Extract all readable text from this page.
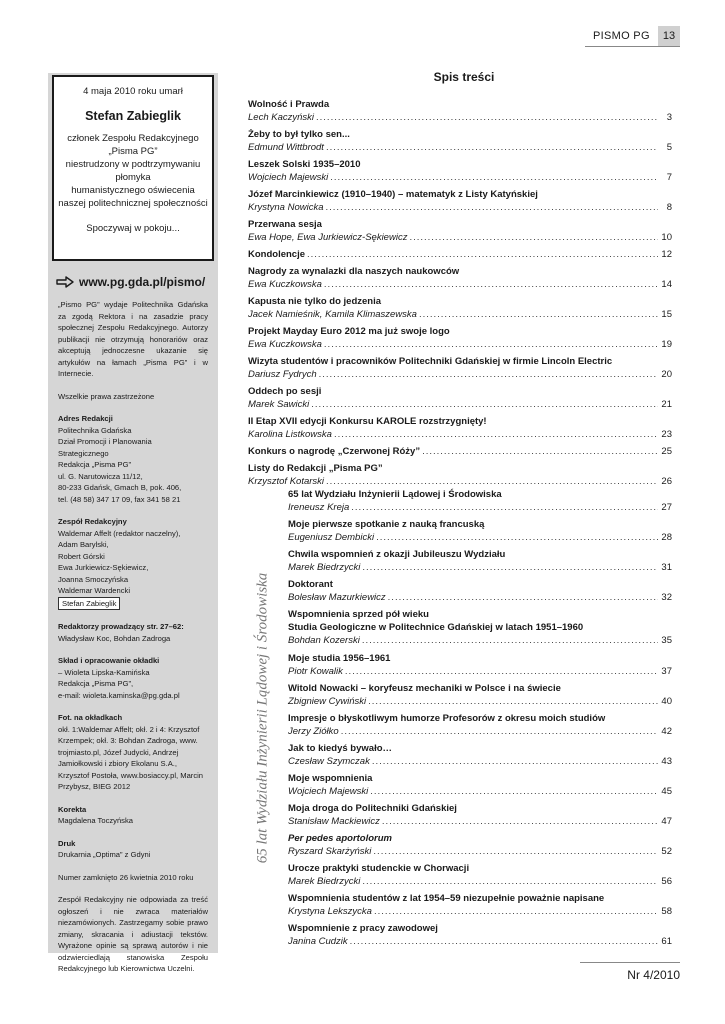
PISMO PG	13
4 maja 2010 roku umarł
Stefan Zabieglik
członek Zespołu Redakcyjnego
„Pisma PG”
niestrudzony w podtrzymywaniu
płomyka
humanistycznego oświecenia
naszej politechnicznej społeczności
Spoczywaj w pokoju...
www.pg.gda.pl/pismo/

„Pismo PG” wydaje Politechnika Gdańska za zgodą Rektora i na zasadzie pracy społecznej Zespołu Redakcyjnego. Autorzy publikacji nie otrzymują honorariów oraz akceptują jednoczesne ukazanie się artykułów na łamach „Pisma PG” i w Internecie.

Wszelkie prawa zastrzeżone

Adres Redakcji
Politechnika Gdańska
Dział Promocji i Planowania
Strategicznego
Redakcja „Pisma PG”
ul. G. Narutowicza 11/12,
80-233 Gdańsk, Gmach B, pok. 406,
tel. (48 58) 347 17 09, fax 341 58 21

Zespół Redakcyjny
Waldemar Affelt (redaktor naczelny),
Adam Barylski,
Robert Górski
Ewa Jurkiewicz-Sękiewicz,
Joanna Smoczyńska
Waldemar Wardencki
Stefan Zabieglik

Redaktorzy prowadzący str. 27–62:
Władysław Koc, Bohdan Zadroga

Skład i opracowanie okładki
– Wioleta Lipska-Kamińska
Redakcja „Pisma PG”,
e-mail: wioleta.kaminska@pg.gda.pl

Fot. na okładkach
okł. 1:Waldemar Affelt; okł. 2 i 4: Krzysztof Krzempek; okł. 3: Bohdan Zadroga, www. trojmiasto.pl, Józef Judycki, Andrzej Jamiołkowski i zbiory Ekolanu S.A., Krzysztof Postoła, www.bosiaccy.pl, Marcin Przybysz, BIEG 2012

Korekta
Magdalena Toczyńska

Druk
Drukarnia „Optima” z Gdyni

Numer zamknięto 26 kwietnia 2010 roku

Zespół Redakcyjny nie odpowiada za treść ogłoszeń i nie zwraca materiałów niezamówionych. Zastrzegamy sobie prawo zmiany, skracania i adiustacji tekstów. Wyrażone opinie są sprawą autorów i nie odzwierciedlają stanowiska Zespołu Redakcyjnego lub Kierownictwa Uczelni.

Spis treści
Wolność i Prawda
Lech Kaczyński .....	3
Żeby to był tylko sen...
Edmund Wittbrodt .....	5
Leszek Solski 1935–2010
Wojciech Majewski .....	7
Józef Marcinkiewicz (1910–1940) – matematyk z Listy Katyńskiej
Krystyna Nowicka .....	8
Przerwana sesja
Ewa Hope, Ewa Jurkiewicz-Sękiewicz .....	10
Kondolencje .....	12
Nagrody za wynalazki dla naszych naukowców
Ewa Kuczkowska .....	14
Kapusta nie tylko do jedzenia
Jacek Namieśnik, Kamila Klimaszewska .....	15
Projekt Mayday Euro 2012 ma już swoje logo
Ewa Kuczkowska .....	19
Wizyta studentów i pracowników Politechniki Gdańskiej w firmie Lincoln Electric
Dariusz Fydrych .....	20
Oddech po sesji
Marek Sawicki .....	21
II Etap XVII edycji Konkursu KAROLE rozstrzygnięty!
Karolina Listkowska .....	23
Konkurs o nagrodę „Czerwonej Róży” .....	25
Listy do Redakcji „Pisma PG”
Krzysztof Kotarski .....	26
65 lat Wydziału Inżynierii Lądowej i Środowiska
65 lat Wydziału Inżynierii Lądowej i Środowiska
Ireneusz Kreja .....	27
Moje pierwsze spotkanie z nauką francuską
Eugeniusz Dembicki .....	28
Chwila wspomnień z okazji Jubileuszu Wydziału
Marek Biedrzycki .....	31
Doktorant
Bolesław Mazurkiewicz .....	32
Wspomnienia sprzed pół wieku
Studia Geologiczne w Politechnice Gdańskiej w latach 1951–1960
Bohdan Kozerski .....	35
Moje studia 1956–1961
Piotr Kowalik .....	37
Witold Nowacki – koryfeusz mechaniki w Polsce i na świecie
Zbigniew Cywiński .....	40
Impresje o błyskotliwym humorze Profesorów z okresu moich studiów
Jerzy Ziółko .....	42
Jak to kiedyś bywało…
Czesław Szymczak .....	43
Moje wspomnienia
Wojciech Majewski .....	45
Moja droga do Politechniki Gdańskiej
Stanisław Mackiewicz .....	47
Per pedes aportolorum
Ryszard Skarżyński .....	52
Urocze praktyki studenckie w Chorwacji
Marek Biedrzycki .....	56
Wspomnienia studentów z lat 1954–59 niezupełnie poważnie napisane
Krystyna Lekszycka .....	58
Wspomnienie z pracy zawodowej
Janina Cudzik .....	61
Nr 4/2010
